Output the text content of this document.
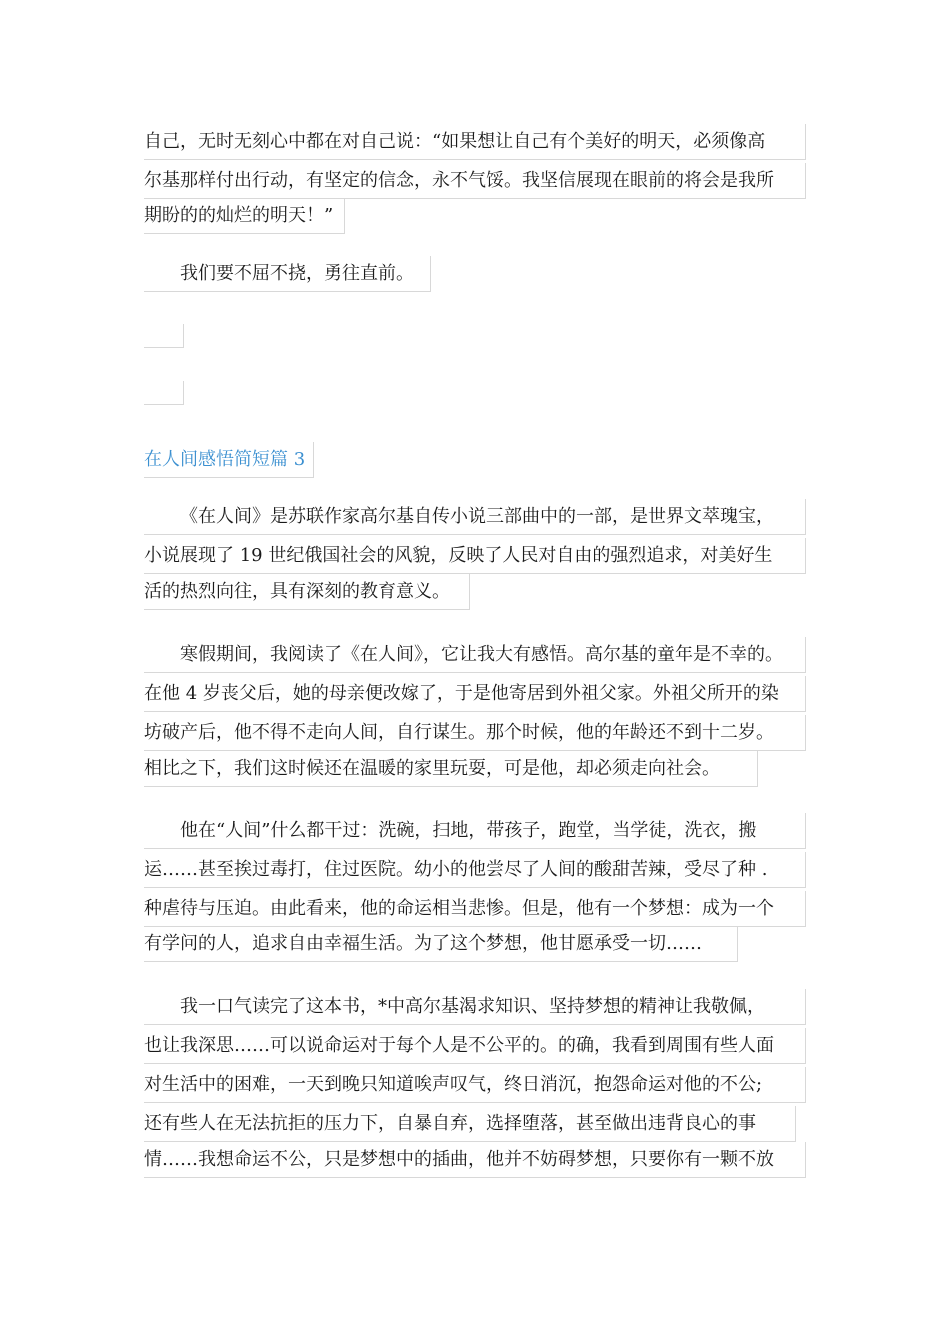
自己，无时无刻心中都在对自己说：“如果想让自己有个美好的明天，必须像高
尔基那样付出行动，有坚定的信念，永不气馁。我坚信展现在眼前的将会是我所
期盼的的灿烂的明天！”
我们要不屈不挠，勇往直前。
在人间感悟简短篇 3
《在人间》是苏联作家高尔基自传小说三部曲中的一部，是世界文萃瑰宝，
小说展现了 19 世纪俄国社会的风貌，反映了人民对自由的强烈追求，对美好生
活的热烈向往，具有深刻的教育意义。
寒假期间，我阅读了《在人间》，它让我大有感悟。高尔基的童年是不幸的。
在他 4 岁丧父后，她的母亲便改嫁了，于是他寄居到外祖父家。外祖父所开的染
坊破产后，他不得不走向人间，自行谋生。那个时候，他的年龄还不到十二岁。
相比之下，我们这时候还在温暖的家里玩耍，可是他，却必须走向社会。
他在“人间”什么都干过：洗碗，扫地，带孩子，跑堂，当学徒，洗衣，搬
运……甚至挨过毒打，住过医院。幼小的他尝尽了人间的酸甜苦辣，受尽了种 .
种虐待与压迫。由此看来，他的命运相当悲惨。但是，他有一个梦想：成为一个
有学问的人，追求自由幸福生活。为了这个梦想，他甘愿承受一切……
我一口气读完了这本书，*中高尔基渴求知识、坚持梦想的精神让我敬佩，
也让我深思……可以说命运对于每个人是不公平的。的确，我看到周围有些人面
对生活中的困难，一天到晚只知道唉声叹气，终日消沉，抱怨命运对他的不公;
还有些人在无法抗拒的压力下，自暴自弃，选择堕落，甚至做出违背良心的事
情……我想命运不公，只是梦想中的插曲，他并不妨碍梦想，只要你有一颗不放
